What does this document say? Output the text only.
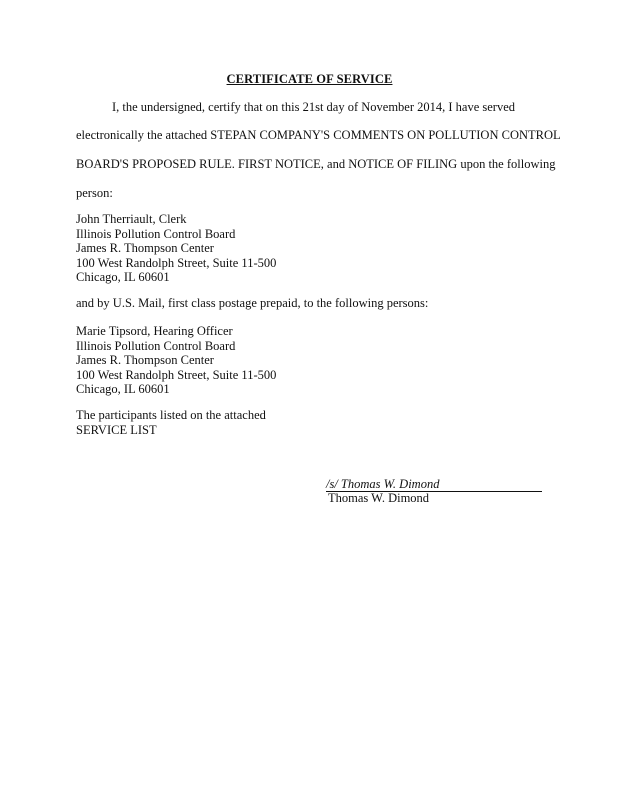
CERTIFICATE OF SERVICE
I, the undersigned, certify that on this 21st day of November 2014, I have served
electronically the attached STEPAN COMPANY'S COMMENTS ON POLLUTION CONTROL
BOARD'S PROPOSED RULE. FIRST NOTICE, and NOTICE OF FILING upon the following
person:
John Therriault, Clerk
Illinois Pollution Control Board
James R. Thompson Center
100 West Randolph Street, Suite 11-500
Chicago, IL 60601
and by U.S. Mail, first class postage prepaid, to the following persons:
Marie Tipsord, Hearing Officer
Illinois Pollution Control Board
James R. Thompson Center
100 West Randolph Street, Suite 11-500
Chicago, IL 60601
The participants listed on the attached
SERVICE LIST
/s/ Thomas W. Dimond
Thomas W. Dimond
